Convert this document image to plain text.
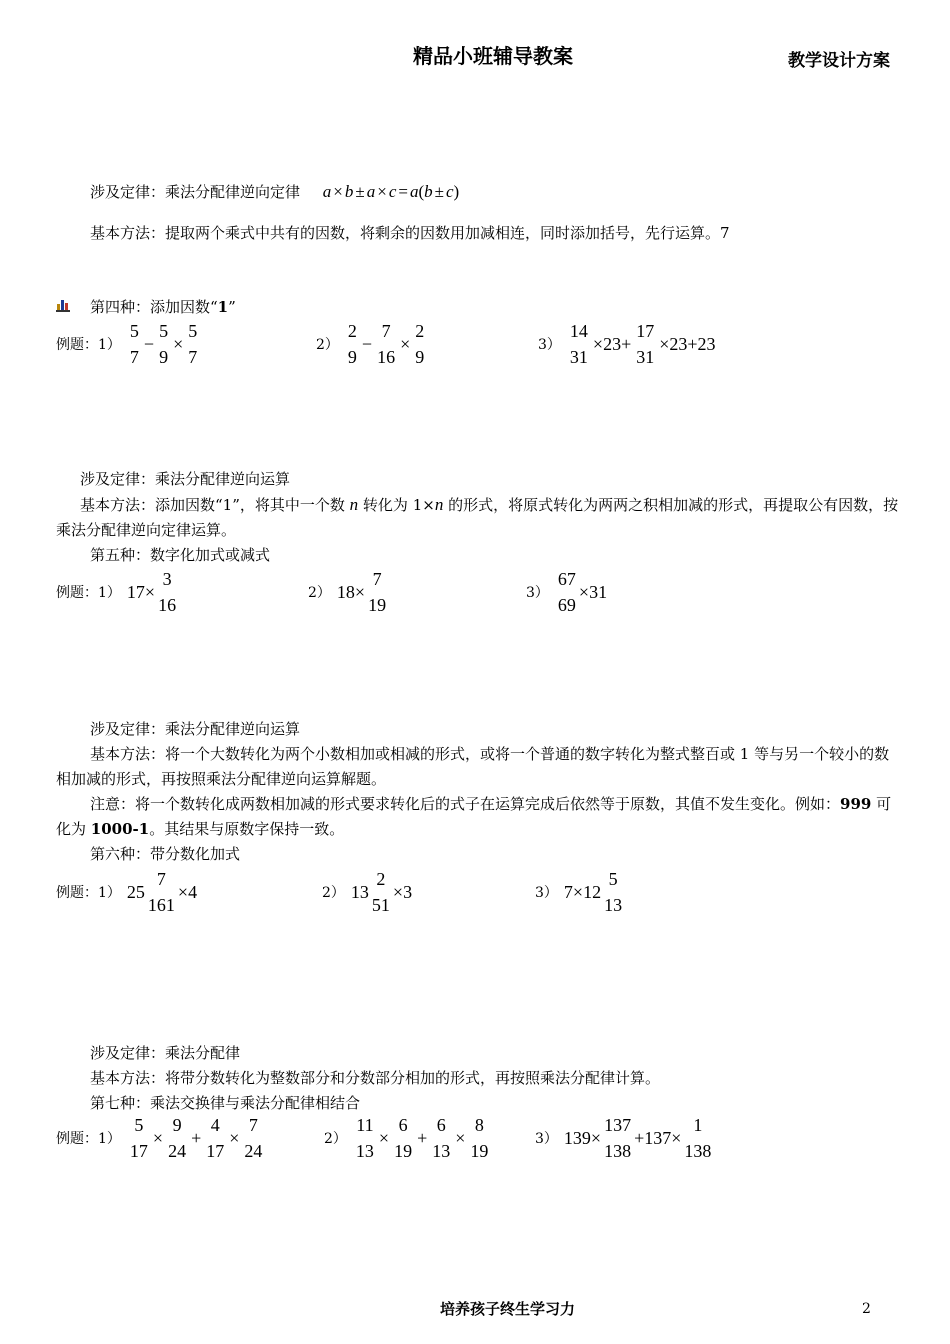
精品小班辅导教案	教学设计方案
涉及定律：乘法分配律逆向定律 a × b ± a × c = a(b ± c)
基本方法：提取两个乘式中共有的因数，将剩余的因数用加减相连，同时添加括号，先行运算。7
第四种：添加因数“1”
例题：1）
5
7
−
5
9
×
5
7
2）
2
9
−
7
16
×
2
9
3）
14
31
×23+
17
31
×23+23
涉及定律：乘法分配律逆向运算
基本方法：添加因数“1”，将其中一个数 n 转化为 1×n 的形式，将原式转化为两两之积相加减的形式，再提取公有因数，按乘法分配律逆向定律运算。
第五种：数字化加式或减式
例题：1） 17×
3
16
2） 18×
7
19
3）
67
69
×31
涉及定律：乘法分配律逆向运算
基本方法：将一个大数转化为两个小数相加或相减的形式，或将一个普通的数字转化为整式整百或 1 等与另一个较小的数相加减的形式，再按照乘法分配律逆向运算解题。
注意：将一个数转化成两数相加减的形式要求转化后的式子在运算完成后依然等于原数，其值不发生变化。例如：999 可化为 1000-1。其结果与原数字保持一致。
第六种：带分数化加式
例题：1） 25
7
161
×4	2） 13
2
51
×3	3） 7×12
5
13
涉及定律：乘法分配律
基本方法：将带分数转化为整数部分和分数部分相加的形式，再按照乘法分配律计算。
第七种：乘法交换律与乘法分配律相结合
例题：1）
5
17
×
9
24
+
4
17
×
7
24
2）
11
13
×
6
19
+
6
13
×
8
19
3） 139×
137
138
+137×
1
138
培养孩子终生学习力	2
